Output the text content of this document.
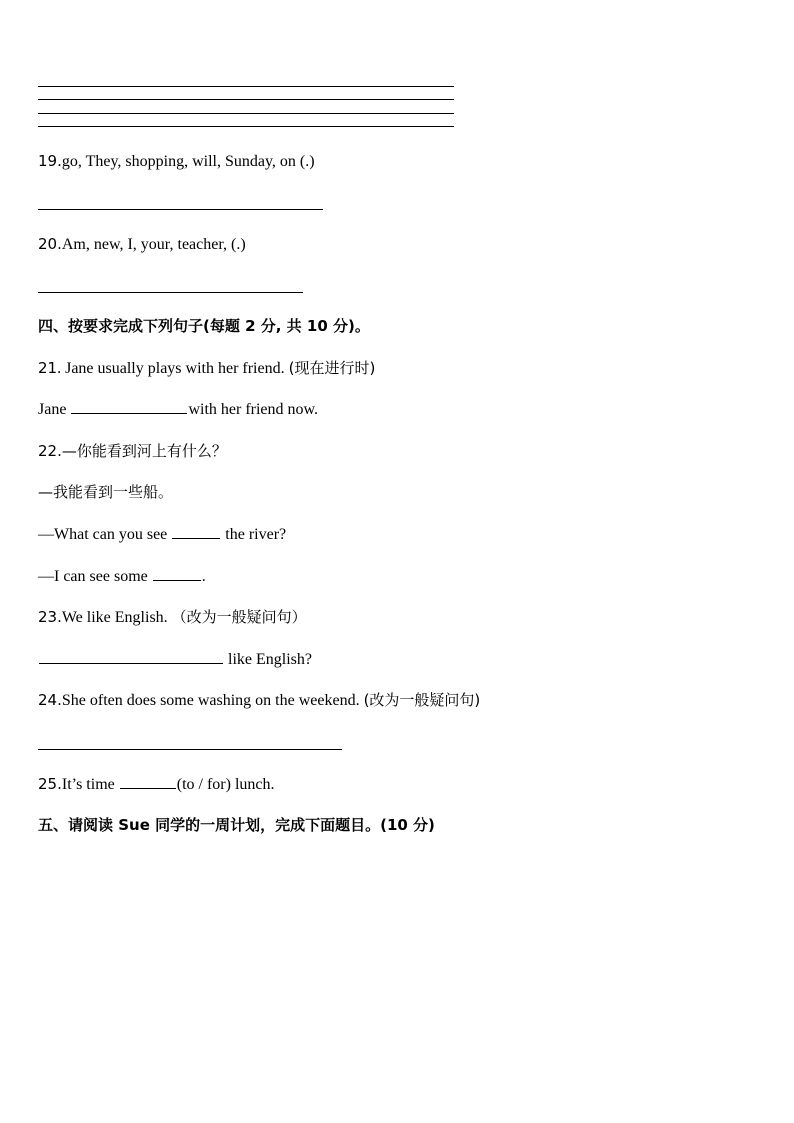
19.go, They, shopping, will, Sunday, on (.)
20.Am, new, I, your, teacher, (.)
四、按要求完成下列句子(每题 2 分, 共 10 分)。
21. Jane usually plays with her friend. (现在进行时)
Jane	with her friend now.
22.—你能看到河上有什么？
—我能看到一些船。
—What can you see	the river?
—I can see some	.
23.We like English. （改为一般疑问句）
like English?
24.She often does some washing on the weekend. (改为一般疑问句)
25.It’s time	(to / for) lunch.
五、请阅读 Sue 同学的一周计划，完成下面题目。(10 分)
